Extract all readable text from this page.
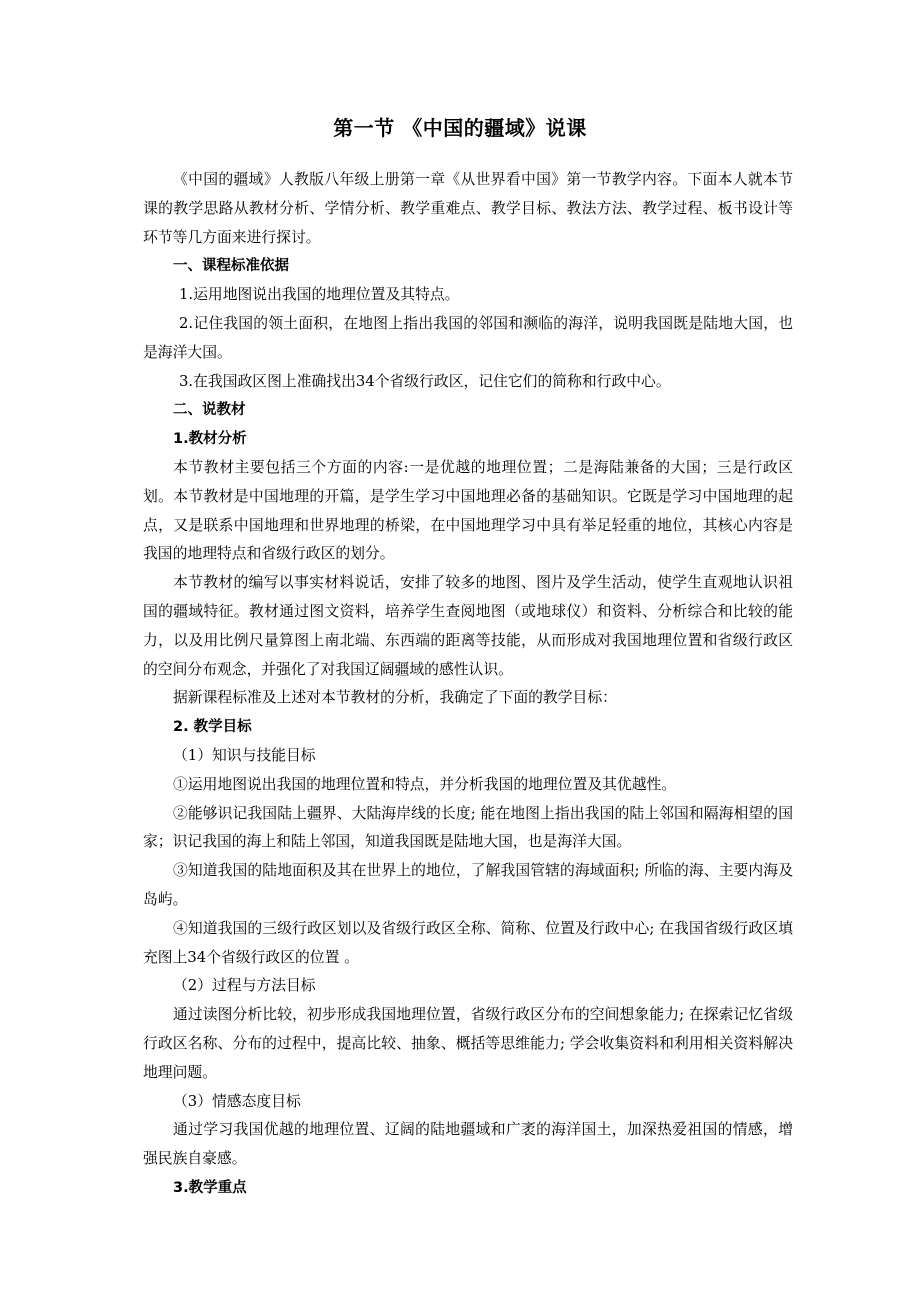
第一节 《中国的疆域》说课

《中国的疆域》人教版八年级上册第一章《从世界看中国》第一节教学内容。下面本人就本节课的教学思路从教材分析、学情分析、教学重难点、教学目标、教法方法、教学过程、板书设计等环节等几方面来进行探讨。

一、课程标准依据

1.运用地图说出我国的地理位置及其特点。

2.记住我国的领土面积，在地图上指出我国的邻国和濒临的海洋，说明我国既是陆地大国，也是海洋大国。

3.在我国政区图上准确找出34个省级行政区，记住它们的简称和行政中心。

二、说教材

1.教材分析

本节教材主要包括三个方面的内容:一是优越的地理位置；二是海陆兼备的大国；三是行政区划。本节教材是中国地理的开篇，是学生学习中国地理必备的基础知识。它既是学习中国地理的起点，又是联系中国地理和世界地理的桥梁，在中国地理学习中具有举足轻重的地位，其核心内容是我国的地理特点和省级行政区的划分。

本节教材的编写以事实材料说话，安排了较多的地图、图片及学生活动，使学生直观地认识祖国的疆域特征。教材通过图文资料，培养学生查阅地图（或地球仪）和资料、分析综合和比较的能力，以及用比例尺量算图上南北端、东西端的距离等技能，从而形成对我国地理位置和省级行政区的空间分布观念，并强化了对我国辽阔疆域的感性认识。

据新课程标准及上述对本节教材的分析，我确定了下面的教学目标：

2. 教学目标

（1）知识与技能目标

①运用地图说出我国的地理位置和特点，并分析我国的地理位置及其优越性。

②能够识记我国陆上疆界、大陆海岸线的长度; 能在地图上指出我国的陆上邻国和隔海相望的国家；识记我国的海上和陆上邻国，知道我国既是陆地大国，也是海洋大国。

③知道我国的陆地面积及其在世界上的地位，了解我国管辖的海域面积; 所临的海、主要内海及岛屿。

④知道我国的三级行政区划以及省级行政区全称、简称、位置及行政中心; 在我国省级行政区填充图上34个省级行政区的位置 。

（2）过程与方法目标

通过读图分析比较，初步形成我国地理位置，省级行政区分布的空间想象能力; 在探索记忆省级行政区名称、分布的过程中，提高比较、抽象、概括等思维能力; 学会收集资料和利用相关资料解决地理问题。

（3）情感态度目标

通过学习我国优越的地理位置、辽阔的陆地疆域和广袤的海洋国土，加深热爱祖国的情感，增强民族自豪感。

3.教学重点
